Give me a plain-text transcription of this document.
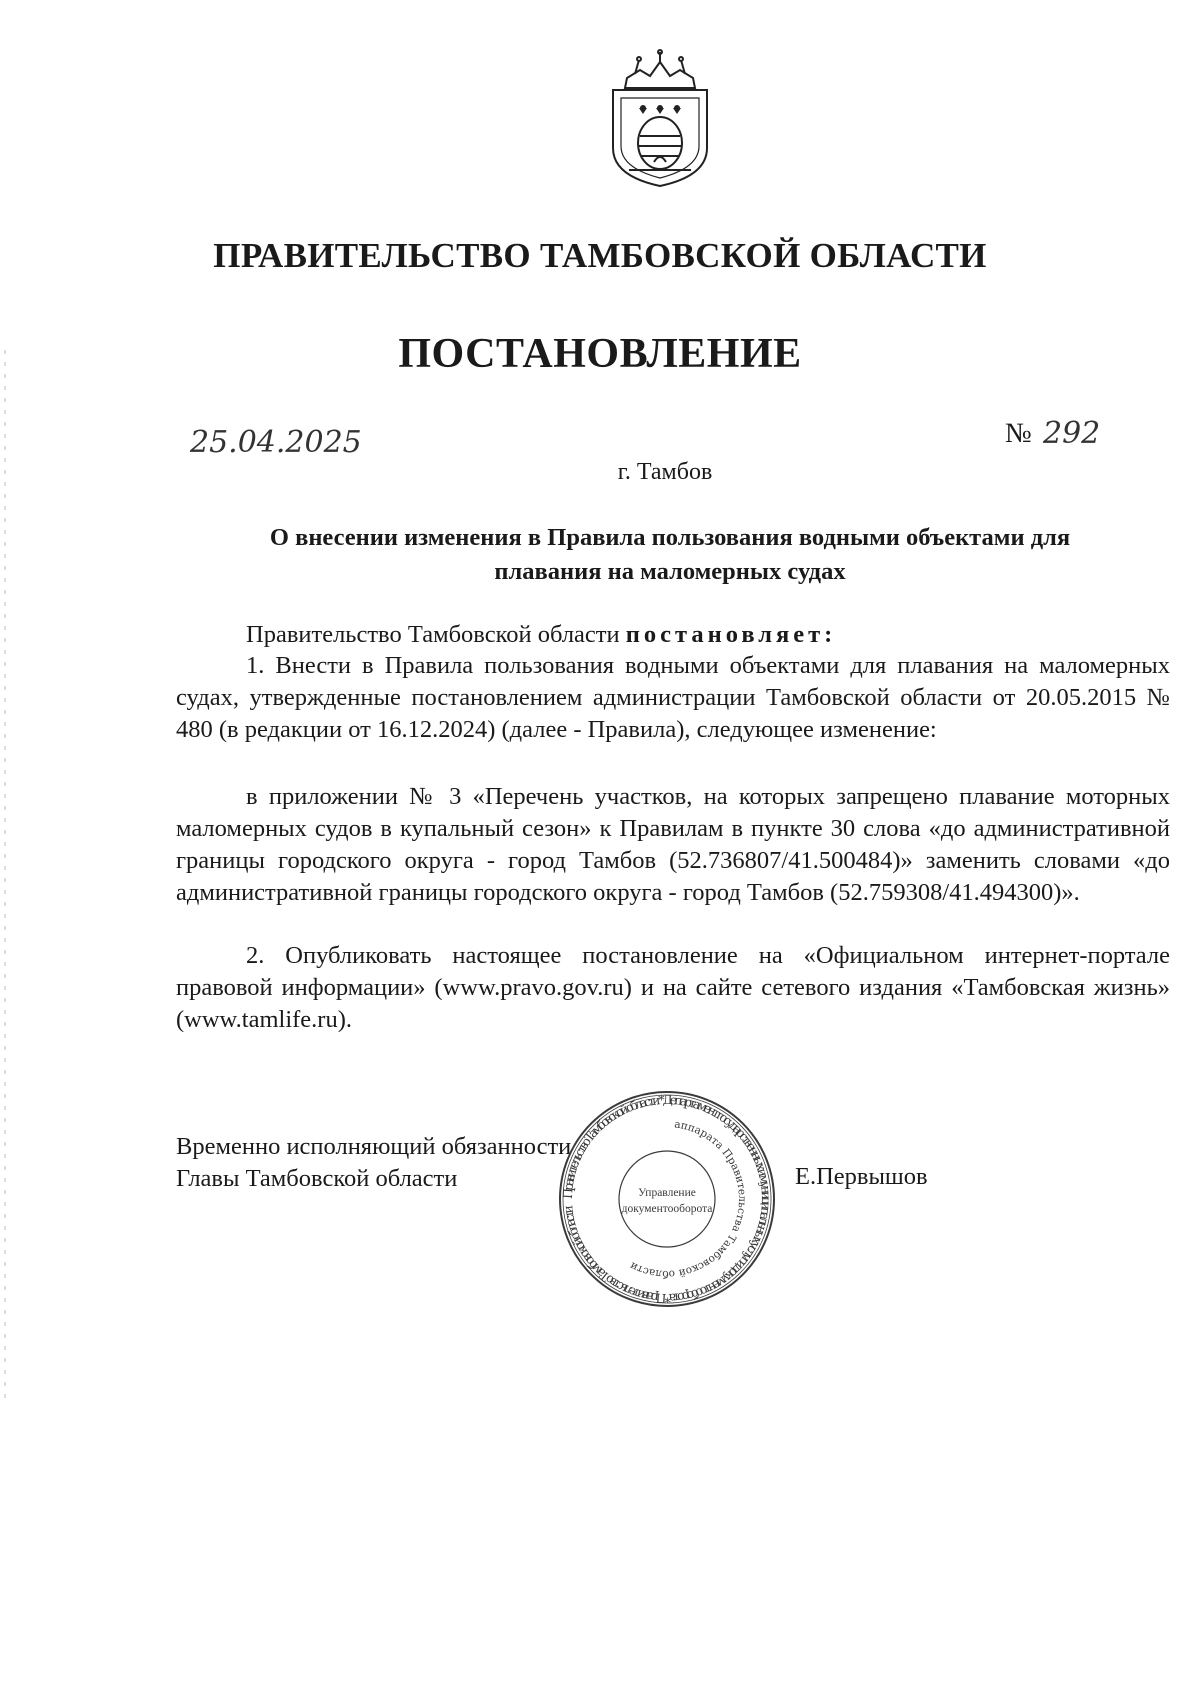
ПРАВИТЕЛЬСТВО ТАМБОВСКОЙ ОБЛАСТИ
ПОСТАНОВЛЕНИЕ
25.04.2025	№ 292
г. Тамбов
О внесении изменения в Правила пользования водными объектами для
плавания на маломерных судах
Правительство Тамбовской области постановляет:
1. Внести в Правила пользования водными объектами для плавания на маломерных судах, утвержденные постановлением администрации Тамбовской области от 20.05.2015 № 480 (в редакции от 16.12.2024) (далее - Правила), следующее изменение:
в приложении № 3 «Перечень участков, на которых запрещено плавание моторных маломерных судов в купальный сезон» к Правилам в пункте 30 слова «до административной границы городского округа - город Тамбов (52.736807/41.500484)» заменить словами «до административной границы городского округа - город Тамбов (52.759308/41.494300)».
2. Опубликовать настоящее постановление на «Официальном интернет-портале правовой информации» (www.pravo.gov.ru) и на сайте сетевого издания «Тамбовская жизнь» (www.tamlife.ru).
Временно исполняющий обязанности
Главы Тамбовской области	Е.Первышов
Правительство Тамбовской области * Департамент государственных и муниципальных услуг и документооборота * Правительство Тамбовской области
аппарата Правительства Тамбовской области
Управление
документооборота
